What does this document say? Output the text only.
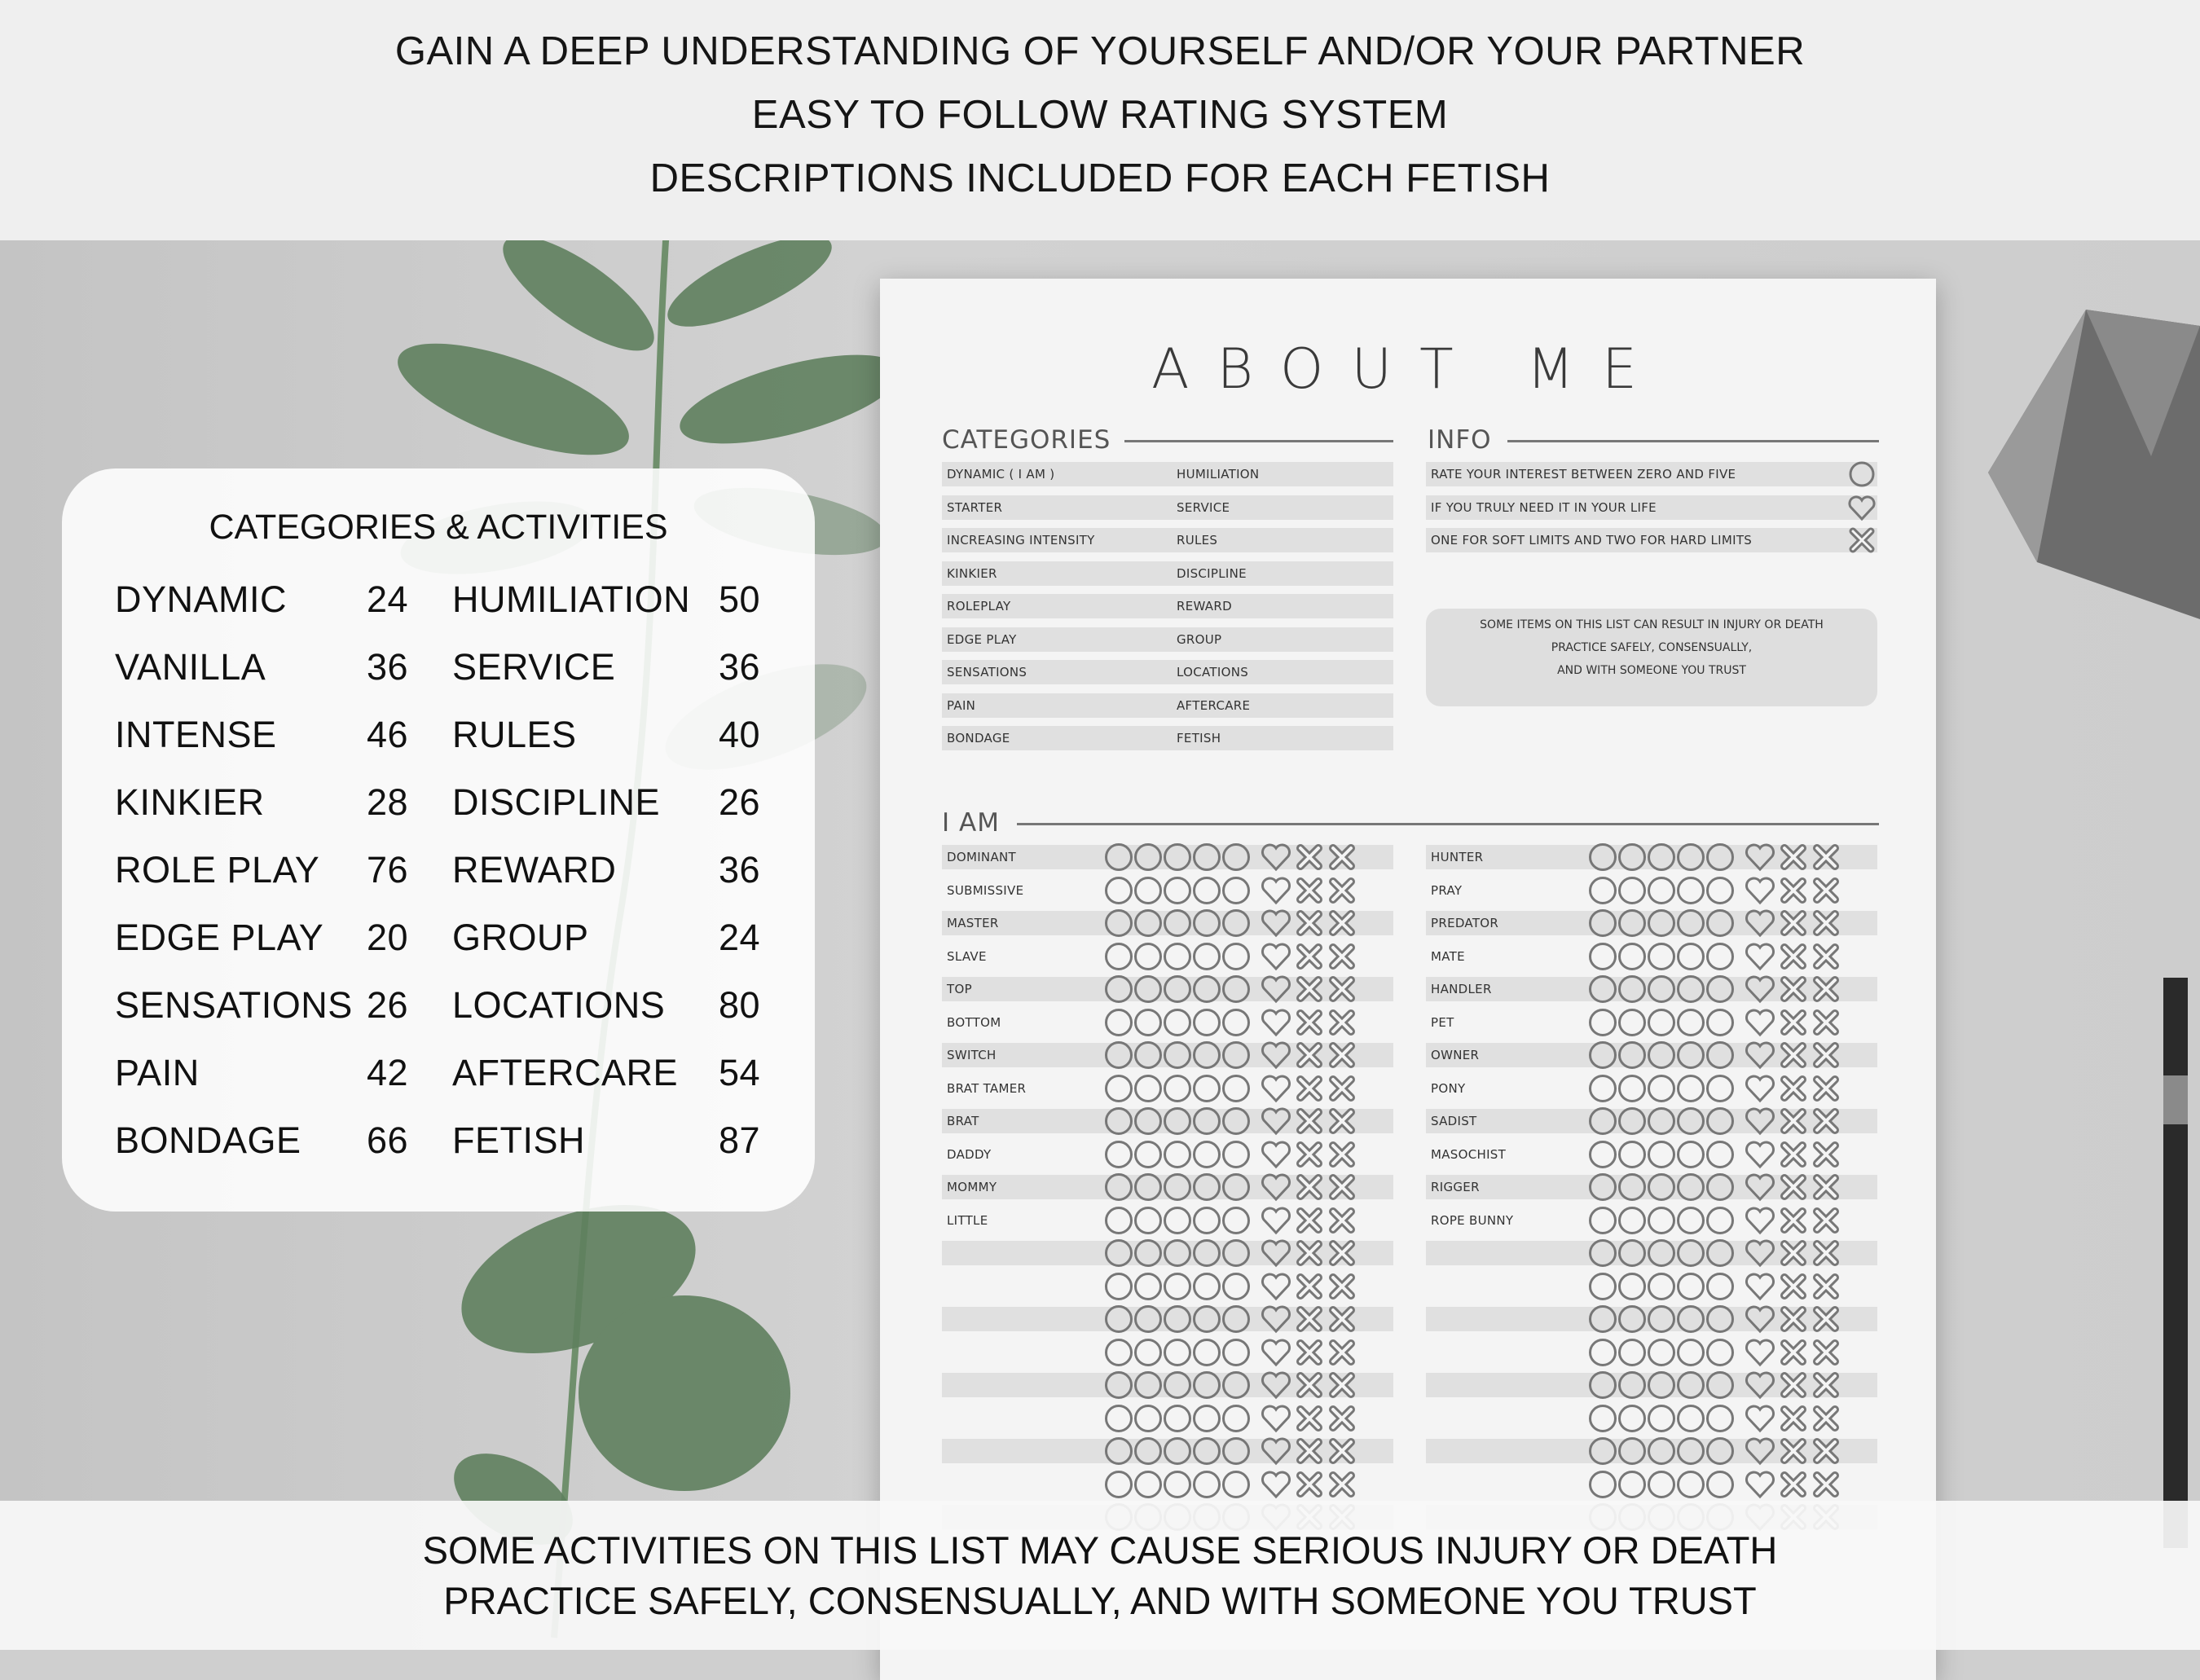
ABOUT ME
CATEGORIES	INFO
SOME ITEMS ON THIS LIST CAN RESULT IN INJURY OR DEATH
PRACTICE SAFELY, CONSENSUALLY,
AND WITH SOMEONE YOU TRUST
I AM
DYNAMIC ( I AM )	HUMILIATION
STARTER	SERVICE
INCREASING INTENSITY	RULES
KINKIER	DISCIPLINE
ROLEPLAY	REWARD
EDGE PLAY	GROUP
SENSATIONS	LOCATIONS
PAIN	AFTERCARE
BONDAGE	FETISH
RATE YOUR INTEREST BETWEEN ZERO AND FIVE
IF YOU TRULY NEED IT IN YOUR LIFE
ONE FOR SOFT LIMITS AND TWO FOR HARD LIMITS
DOMINANT	HUNTER
SUBMISSIVE	PRAY
MASTER	PREDATOR
SLAVE	MATE
TOP	HANDLER
BOTTOM	PET
SWITCH	OWNER
BRAT TAMER	PONY
BRAT	SADIST
DADDY	MASOCHIST
MOMMY	RIGGER
LITTLE	ROPE BUNNY
GAIN A DEEP UNDERSTANDING OF YOURSELF AND/OR YOUR PARTNER
EASY TO FOLLOW RATING SYSTEM
DESCRIPTIONS INCLUDED FOR EACH FETISH
CATEGORIES & ACTIVITIES
DYNAMIC 24 HUMILIATION 50
VANILLA	36 SERVICE	36
INTENSE 46 RULES	40
KINKIER	28 DISCIPLINE 26
ROLE PLAY 76 REWARD	36
EDGE PLAY 20 GROUP	24
SENSATIONS 26 LOCATIONS 80
PAIN	42 AFTERCARE 54
BONDAGE 66 FETISH	87
SOME ACTIVITIES ON THIS LIST MAY CAUSE SERIOUS INJURY OR DEATH
PRACTICE SAFELY, CONSENSUALLY, AND WITH SOMEONE YOU TRUST
